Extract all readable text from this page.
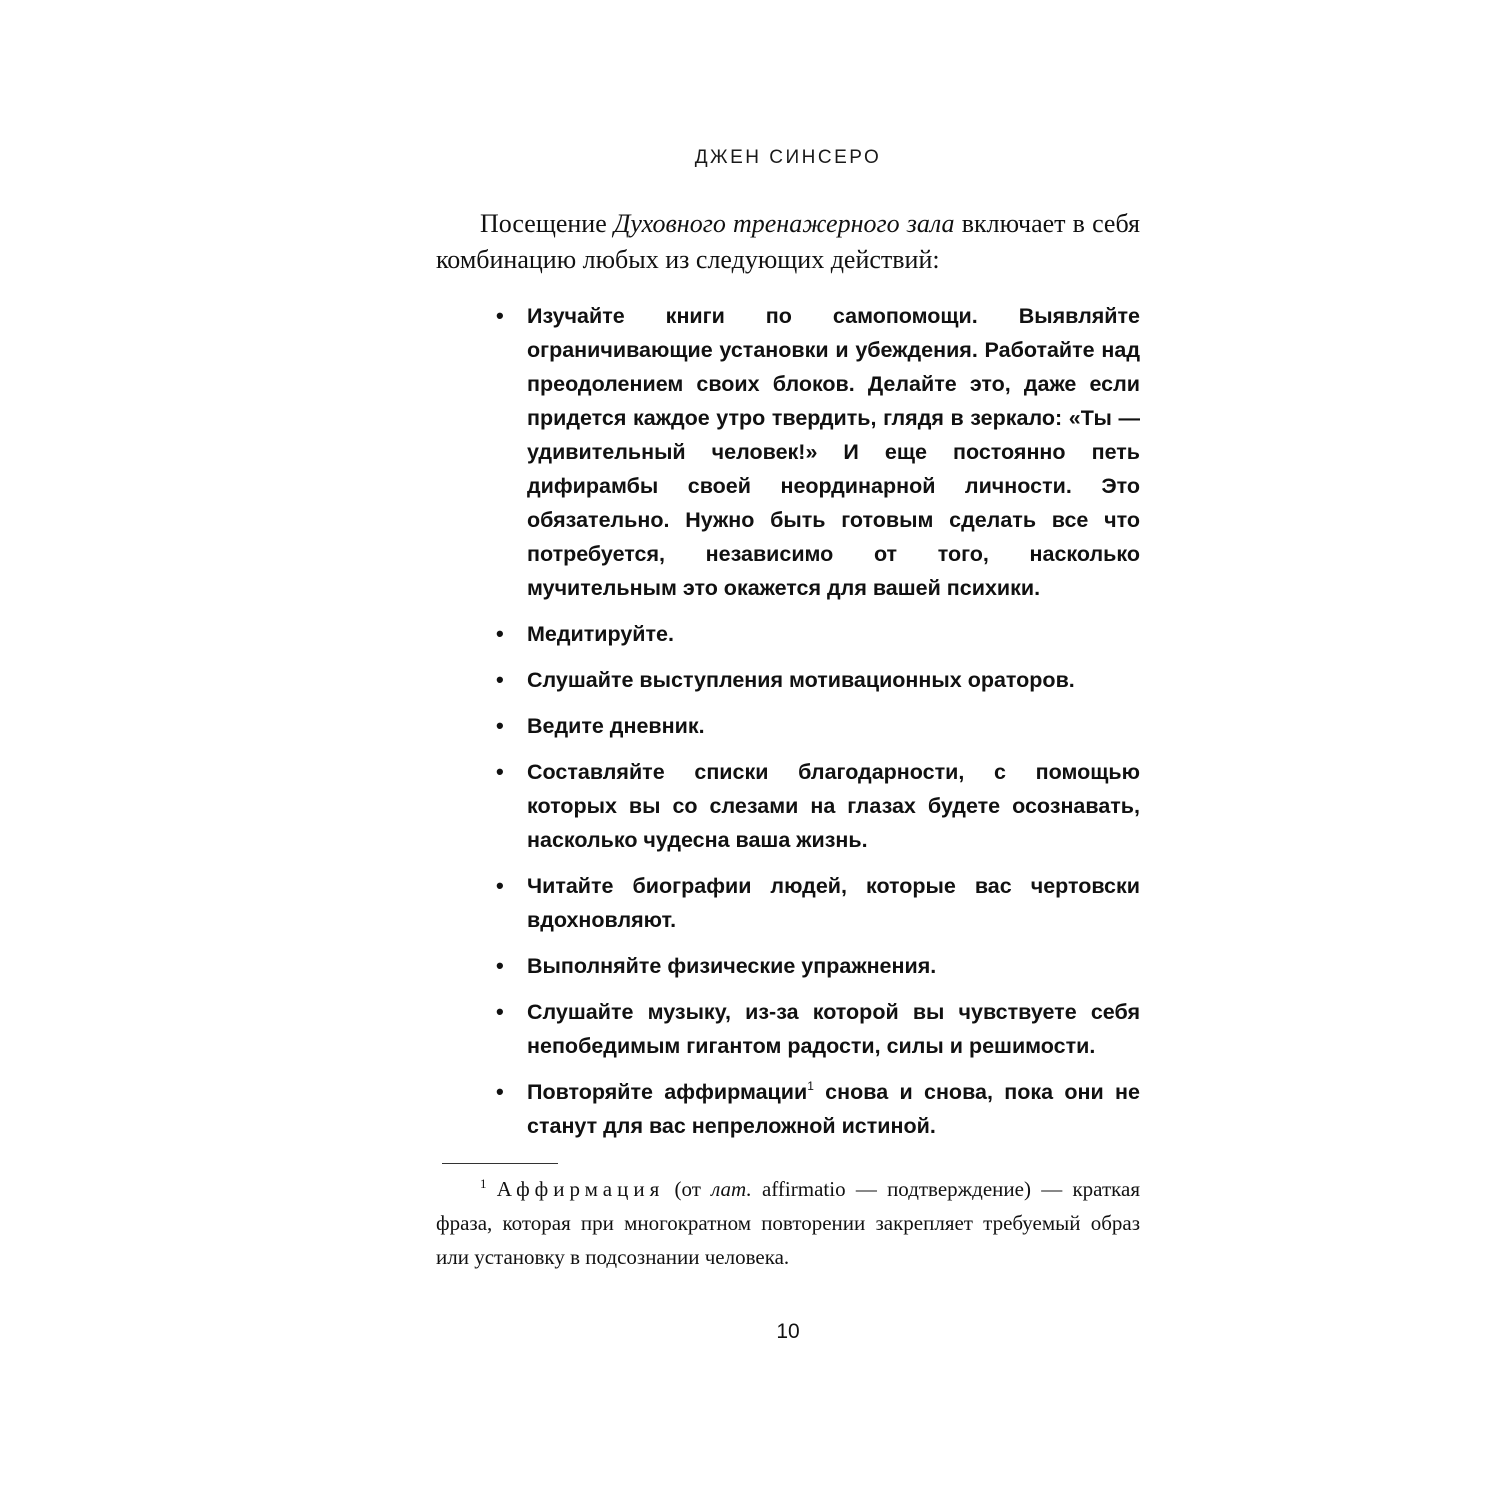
ДЖЕН СИНСЕРО

Посещение Духовного тренажерного зала включает в себя комбинацию любых из следующих действий:

• Изучайте книги по самопомощи. Выявляйте ограничивающие установки и убеждения. Работайте над преодолением своих блоков. Делайте это, даже если придется каждое утро твердить, глядя в зеркало: «Ты — удивительный человек!» И еще постоянно петь дифирамбы своей неординарной личности. Это обязательно. Нужно быть готовым сделать все что потребуется, независимо от того, насколько мучительным это окажется для вашей психики.
• Медитируйте.
• Слушайте выступления мотивационных ораторов.
• Ведите дневник.
• Составляйте списки благодарности, с помощью которых вы со слезами на глазах будете осознавать, насколько чудесна ваша жизнь.
• Читайте биографии людей, которые вас чертовски вдохновляют.
• Выполняйте физические упражнения.
• Слушайте музыку, из-за которой вы чувствуете себя непобедимым гигантом радости, силы и решимости.
• Повторяйте аффирмации$^1$ снова и снова, пока они не станут для вас непреложной истиной.

$^1$ Аффирмация (от лат. affirmatio — подтверждение) — краткая фраза, которая при многократном повторении закрепляет требуемый образ или установку в подсознании человека.

10
